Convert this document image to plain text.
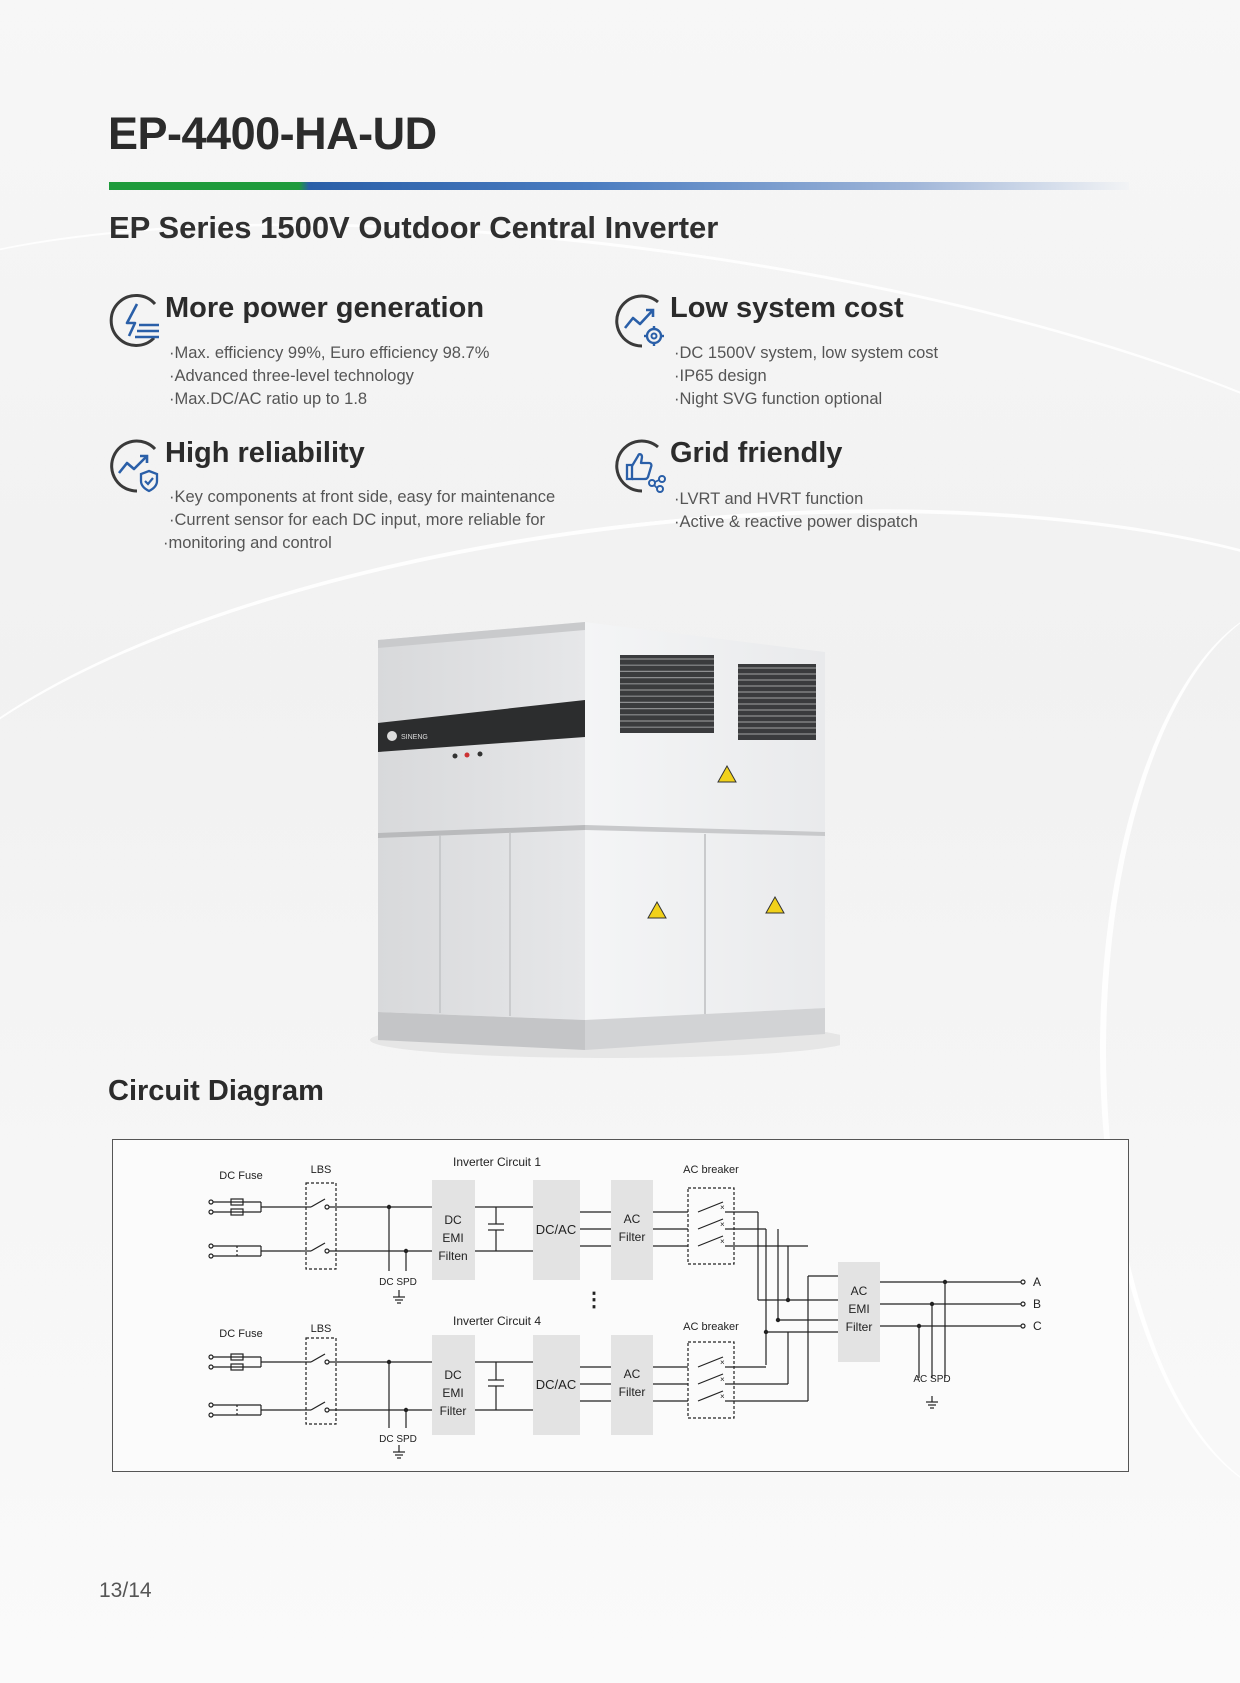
EP-4400-HA-UD
EP Series 1500V Outdoor Central Inverter
More power generation
· Max. efficiency 99%, Euro efficiency 98.7%
· Advanced three-level technology
· Max.DC/AC ratio up to 1.8
Low system cost
· DC 1500V system, low system cost
· IP65 design
· Night SVG function optional
High reliability
· Key components at front side, easy for maintenance
· Current sensor for each DC input, more reliable for
· monitoring and control
Grid friendly
· LVRT and HVRT function
· Active & reactive power dispatch
SINENG
Circuit Diagram
×
×
×
×
×
×
Inverter Circuit 1
Inverter Circuit 4
DC Fuse
DC Fuse
LBS
LBS
DC SPD
DC SPD
DC
EMI
Filten
DC
EMI
Filter
DC/AC
DC/AC
AC
Filter
AC
Filter
AC breaker
AC breaker
AC
EMI
Filter
AC SPD
A
B
C
⋮
13/14
